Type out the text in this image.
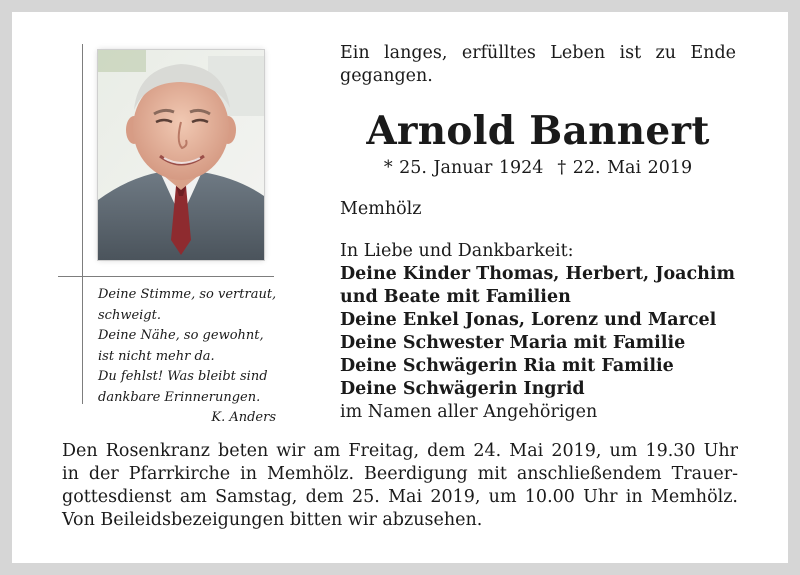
Deine Stimme, so vertraut,
schweigt.
Deine Nähe, so gewohnt,
ist nicht mehr da.
Du fehlst! Was bleibt sind
dankbare Erinnerungen.
K. Anders
Ein langes, erfülltes Leben ist zu Ende gegangen.
Arnold Bannert
* 25. Januar 1924 † 22. Mai 2019
Memhölz
In Liebe und Dankbarkeit:
Deine Kinder Thomas, Herbert, Joachim
und Beate mit Familien
Deine Enkel Jonas, Lorenz und Marcel
Deine Schwester Maria mit Familie
Deine Schwägerin Ria mit Familie
Deine Schwägerin Ingrid
im Namen aller Angehörigen
Den Rosenkranz beten wir am Freitag, dem 24. Mai 2019, um 19.30 Uhr
in der Pfarrkirche in Memhölz. Beerdigung mit anschließendem Trauer-
gottesdienst am Samstag, dem 25. Mai 2019, um 10.00 Uhr in Memhölz.
Von Beileidsbezeigungen bitten wir abzusehen.
